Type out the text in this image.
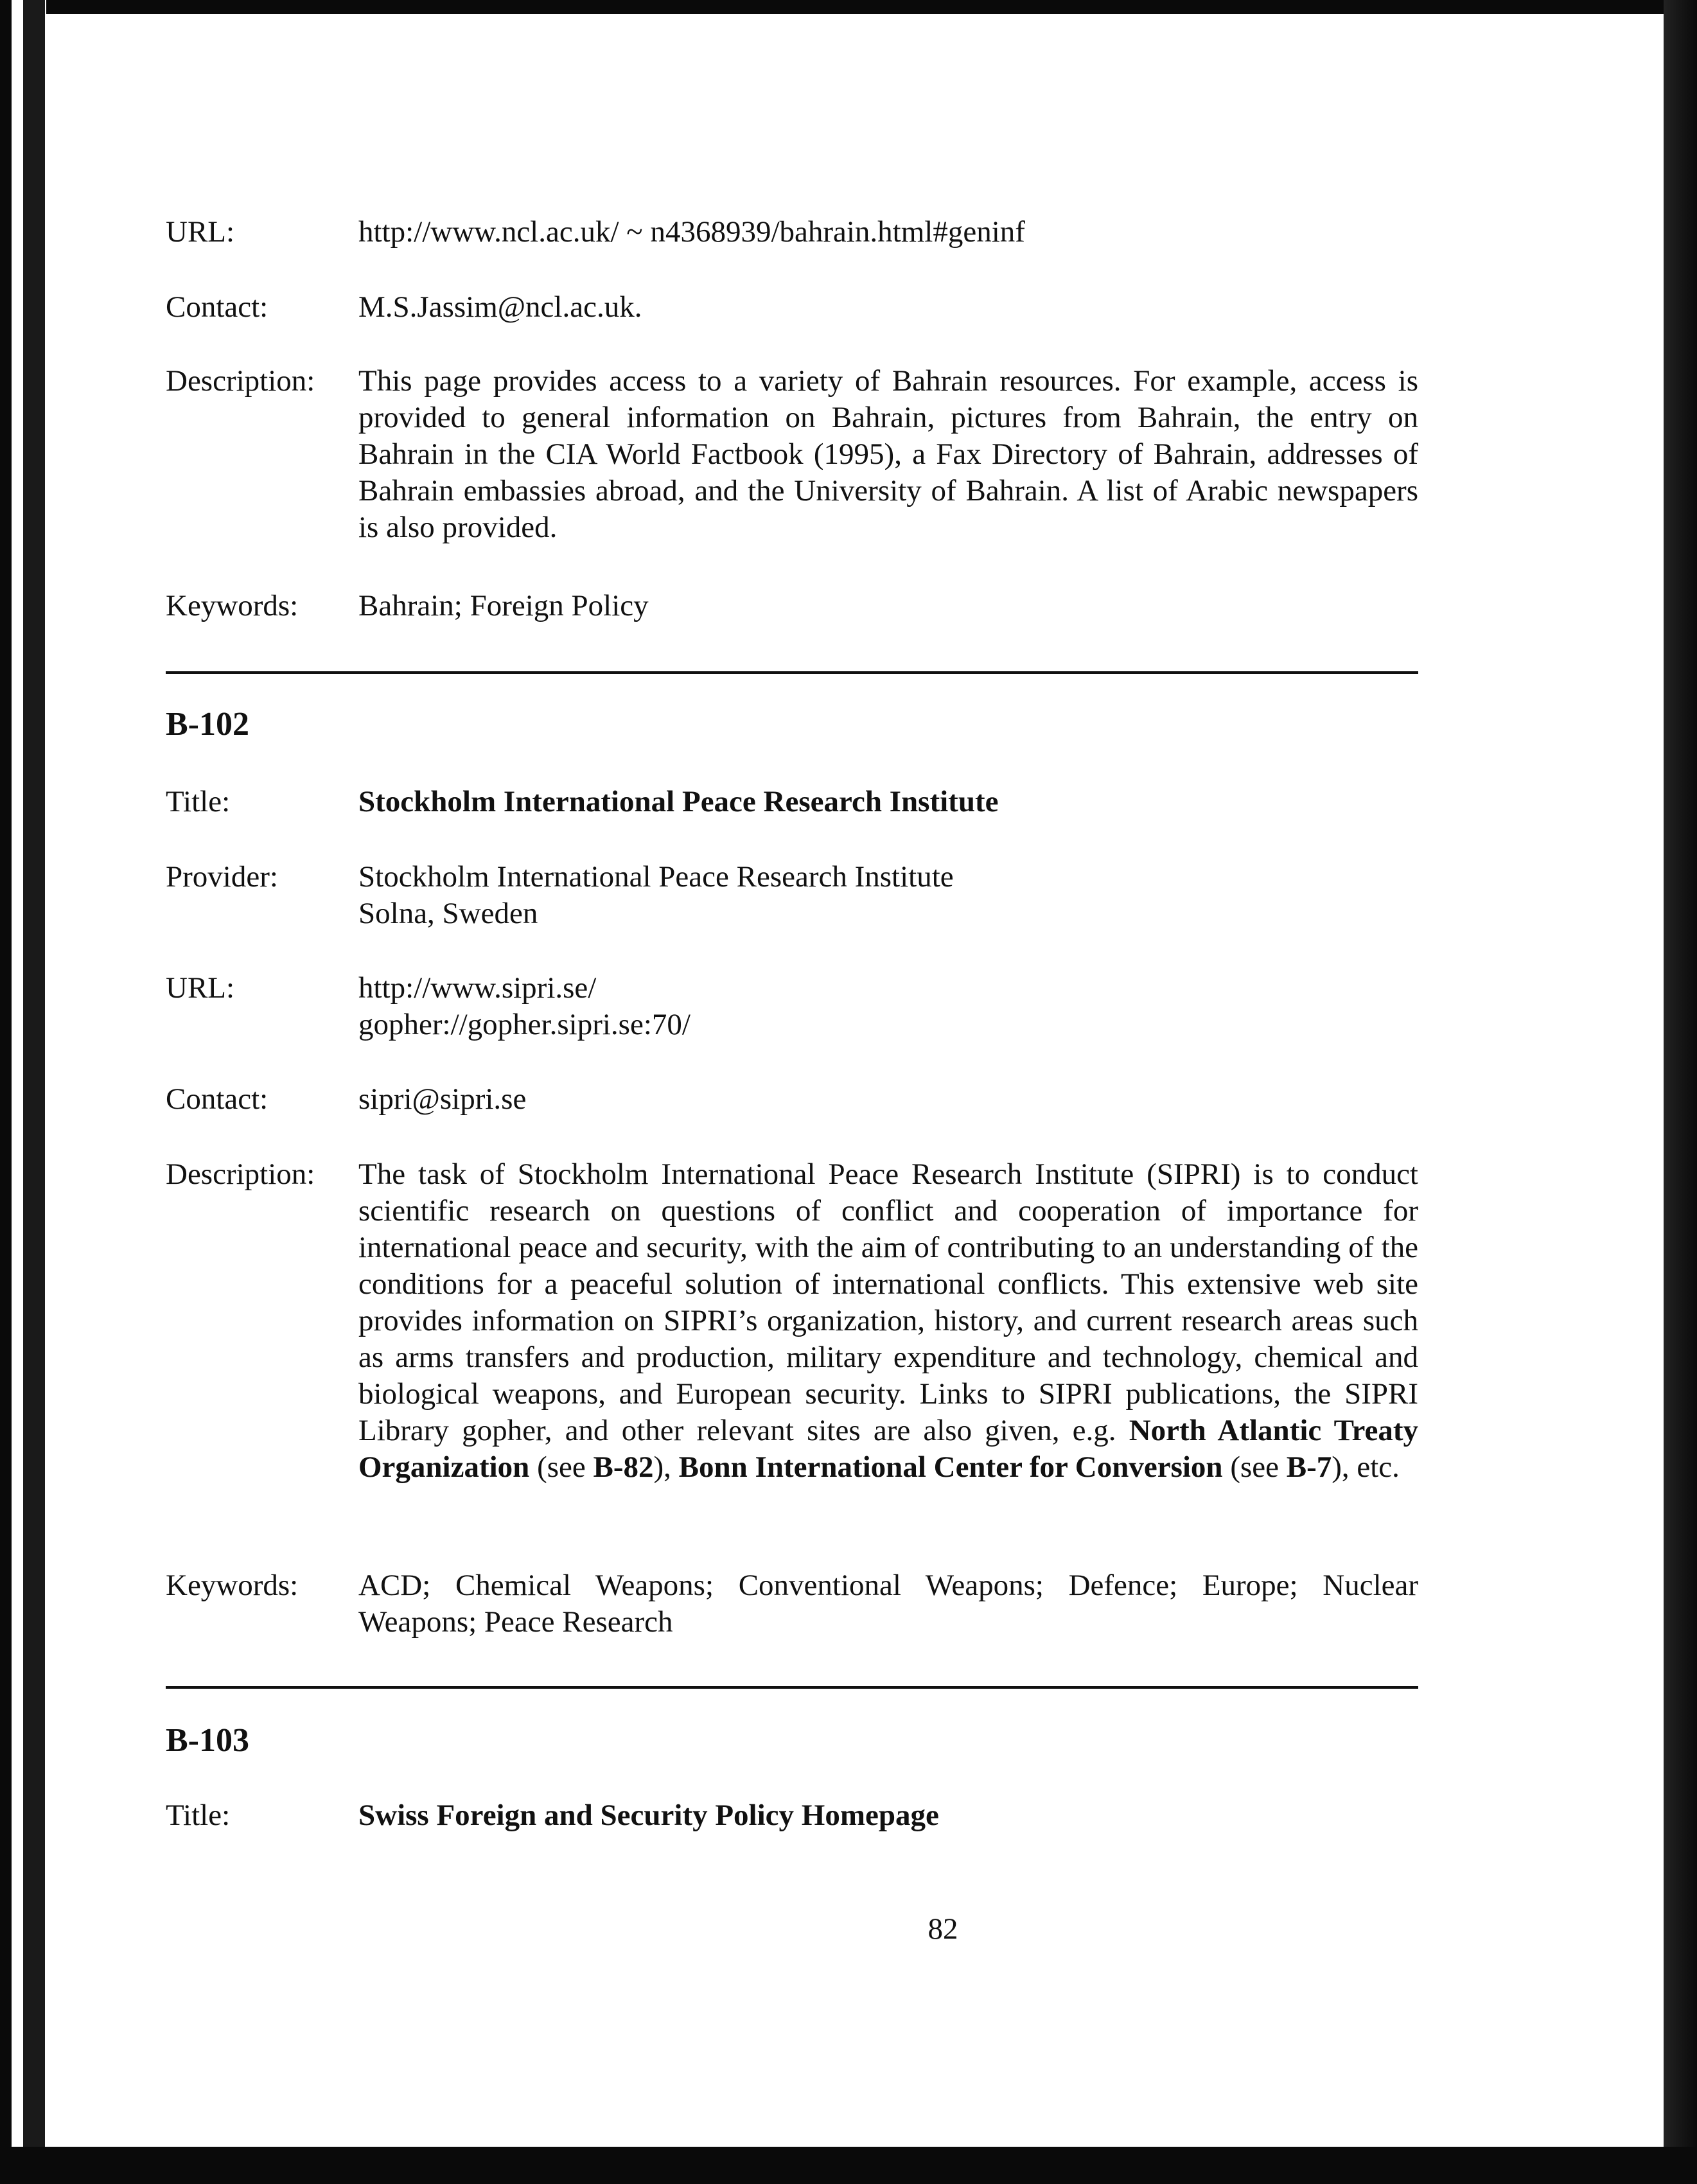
URL:	http://www.ncl.ac.uk/ ~ n4368939/bahrain.html#geninf
Contact:	M.S.Jassim@ncl.ac.uk.
Description:	This page provides access to a variety of Bahrain resources. For example, access is provided to general information on Bahrain, pictures from Bahrain, the entry on Bahrain in the CIA World Factbook (1995), a Fax Directory of Bahrain, addresses of Bahrain embassies abroad, and the University of Bahrain. A list of Arabic newspapers is also provided.
Keywords:	Bahrain; Foreign Policy
B-102
Title:	Stockholm International Peace Research Institute
Provider:	Stockholm International Peace Research Institute
Solna, Sweden
URL:	http://www.sipri.se/
gopher://gopher.sipri.se:70/
Contact:	sipri@sipri.se
Description:	The task of Stockholm International Peace Research Institute (SIPRI) is to conduct scientific research on questions of conflict and cooperation of importance for international peace and security, with the aim of contributing to an understanding of the conditions for a peaceful solution of international conflicts. This extensive web site provides information on SIPRI’s organization, history, and current research areas such as arms transfers and production, military expenditure and technology, chemical and biological weapons, and European security. Links to SIPRI publications, the SIPRI Library gopher, and other relevant sites are also given, e.g. North Atlantic Treaty Organization (see B-82), Bonn International Center for Conversion (see B-7), etc.
Keywords:	ACD; Chemical Weapons; Conventional Weapons; Defence; Europe; Nuclear Weapons; Peace Research
B-103
Title:	Swiss Foreign and Security Policy Homepage
82
